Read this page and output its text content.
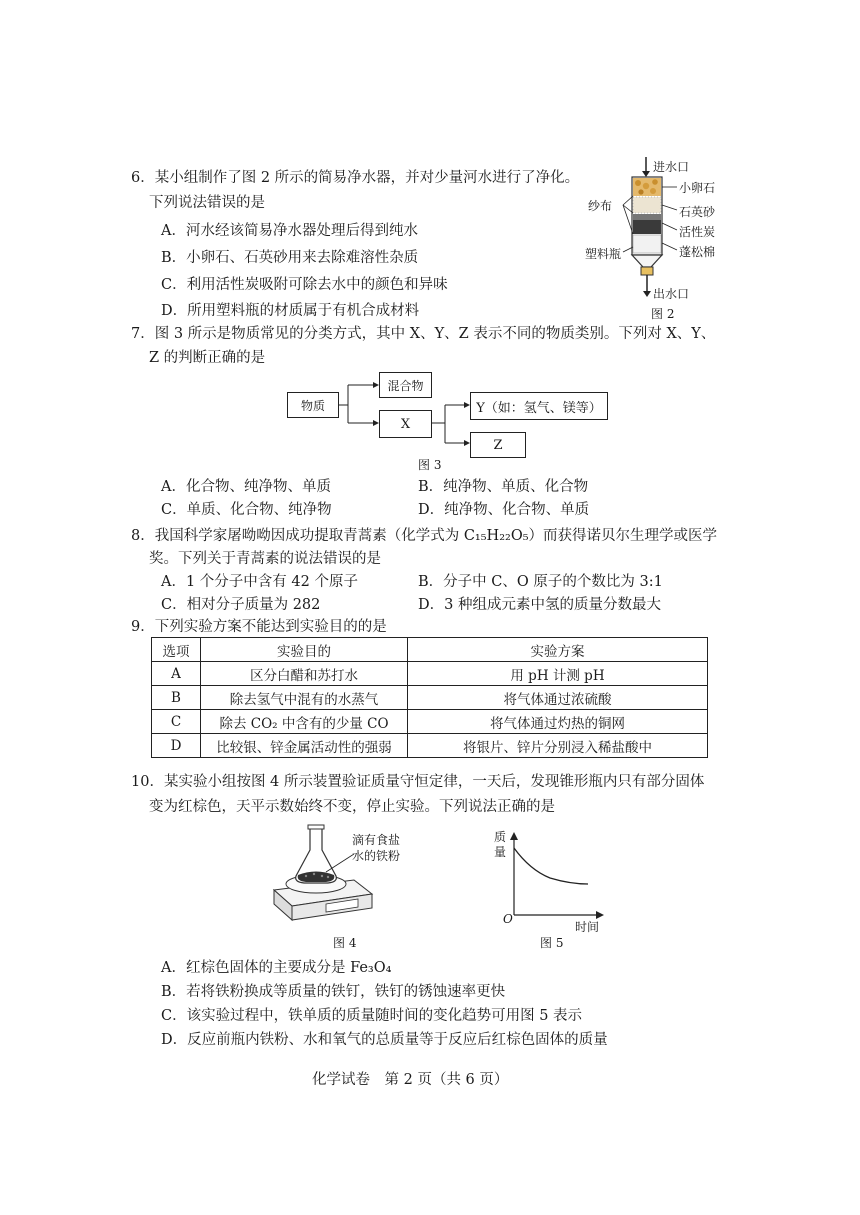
6．某小组制作了图 2 所示的简易净水器，并对少量河水进行了净化。
下列说法错误的是
A．河水经该简易净水器处理后得到纯水
B．小卵石、石英砂用来去除难溶性杂质
C．利用活性炭吸附可除去水中的颜色和异味
D．所用塑料瓶的材质属于有机合成材料
进水口
纱布
塑料瓶
小卵石
石英砂
活性炭
蓬松棉
出水口
图 2
7．图 3 所示是物质常见的分类方式，其中 X、Y、Z 表示不同的物质类别。下列对 X、Y、
Z 的判断正确的是
物质
混合物
X
Y（如：氢气、镁等）
Z
图 3
A．化合物、纯净物、单质	B．纯净物、单质、化合物
C．单质、化合物、纯净物	D．纯净物、化合物、单质
8．我国科学家屠呦呦因成功提取青蒿素（化学式为 C₁₅H₂₂O₅）而获得诺贝尔生理学或医学
奖。下列关于青蒿素的说法错误的是
A．1 个分子中含有 42 个原子	B．分子中 C、O 原子的个数比为 3:1
C．相对分子质量为 282	D．3 种组成元素中氢的质量分数最大
9．下列实验方案不能达到实验目的的是
选项	实验目的	实验方案
A	区分白醋和苏打水	用 pH 计测 pH
B	除去氢气中混有的水蒸气	将气体通过浓硫酸
C	除去 CO₂ 中含有的少量 CO	将气体通过灼热的铜网
D	比较银、锌金属活动性的强弱	将银片、锌片分别浸入稀盐酸中
10．某实验小组按图 4 所示装置验证质量守恒定律，一天后，发现锥形瓶内只有部分固体
变为红棕色，天平示数始终不变，停止实验。下列说法正确的是
滴有食盐
水的铁粉
图 4
质
量
O
时间
图 5
A．红棕色固体的主要成分是 Fe₃O₄
B．若将铁粉换成等质量的铁钉，铁钉的锈蚀速率更快
C．该实验过程中，铁单质的质量随时间的变化趋势可用图 5 表示
D．反应前瓶内铁粉、水和氧气的总质量等于反应后红棕色固体的质量
化学试卷　第 2 页（共 6 页）
